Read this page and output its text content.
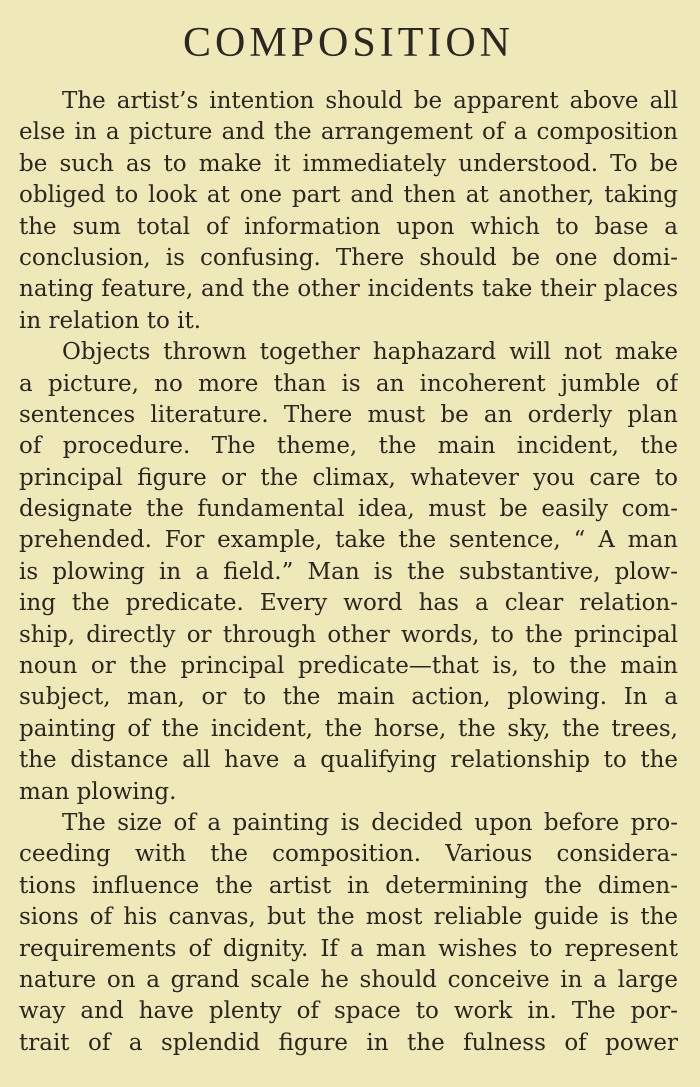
COMPOSITION
The artist’s intention should be apparent above all
else in a picture and the arrangement of a composition
be such as to make it immediately understood. To be
obliged to look at one part and then at another, taking
the sum total of information upon which to base a
conclusion, is confusing. There should be one domi-
nating feature, and the other incidents take their places
in relation to it.
Objects thrown together haphazard will not make
a picture, no more than is an incoherent jumble of
sentences literature. There must be an orderly plan
of procedure. The theme, the main incident, the
principal figure or the climax, whatever you care to
designate the fundamental idea, must be easily com-
prehended. For example, take the sentence, “ A man
is plowing in a field.” Man is the substantive, plow-
ing the predicate. Every word has a clear relation-
ship, directly or through other words, to the principal
noun or the principal predicate—that is, to the main
subject, man, or to the main action, plowing. In a
painting of the incident, the horse, the sky, the trees,
the distance all have a qualifying relationship to the
man plowing.
The size of a painting is decided upon before pro-
ceeding with the composition. Various considera-
tions influence the artist in determining the dimen-
sions of his canvas, but the most reliable guide is the
requirements of dignity. If a man wishes to represent
nature on a grand scale he should conceive in a large
way and have plenty of space to work in. The por-
trait of a splendid figure in the fulness of power
